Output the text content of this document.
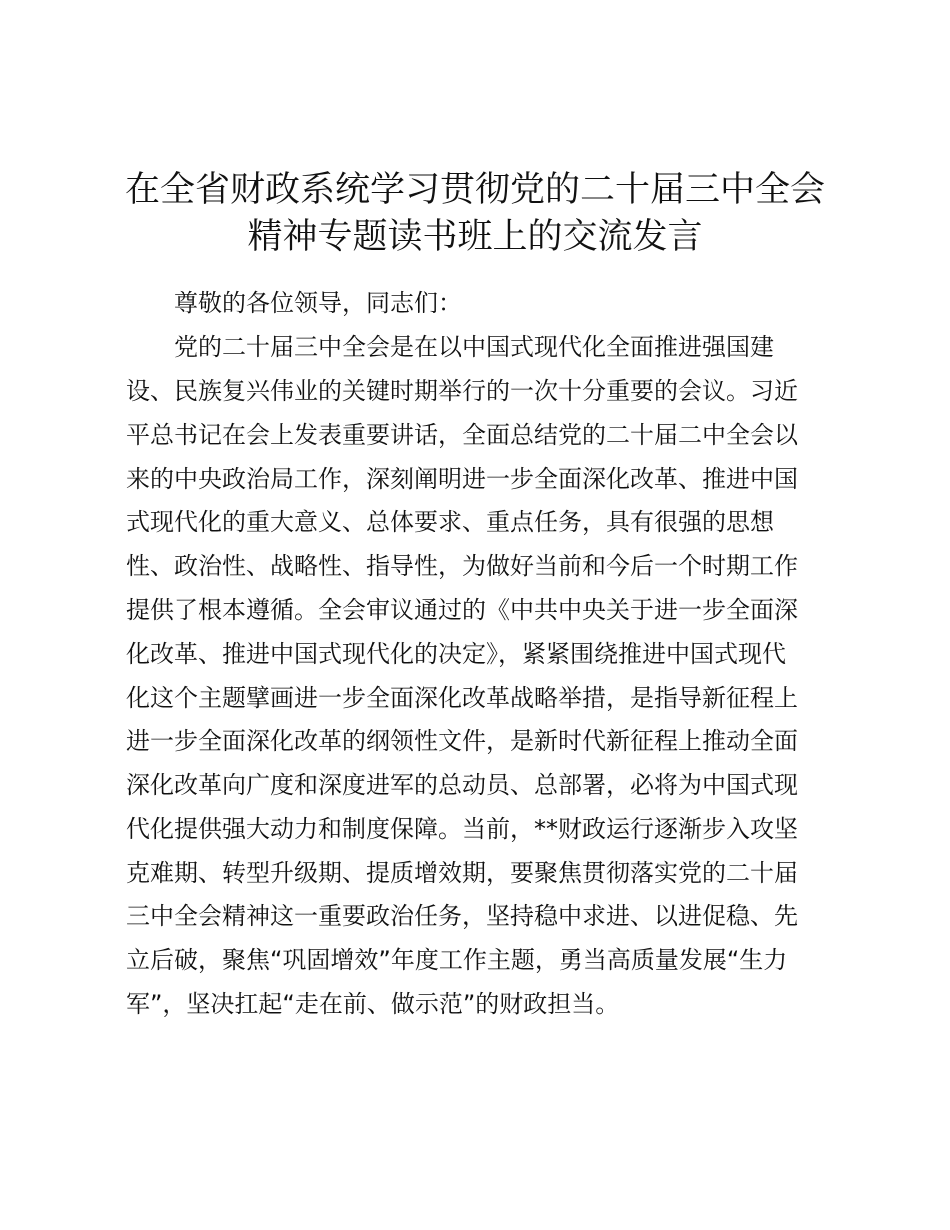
在全省财政系统学习贯彻党的二十届三中全会
精神专题读书班上的交流发言

尊敬的各位领导，同志们：

党的二十届三中全会是在以中国式现代化全面推进强国建

设、民族复兴伟业的关键时期举行的一次十分重要的会议。习近

平总书记在会上发表重要讲话，全面总结党的二十届二中全会以

来的中央政治局工作，深刻阐明进一步全面深化改革、推进中国

式现代化的重大意义、总体要求、重点任务，具有很强的思想

性、政治性、战略性、指导性，为做好当前和今后一个时期工作

提供了根本遵循。全会审议通过的《中共中央关于进一步全面深

化改革、推进中国式现代化的决定》，紧紧围绕推进中国式现代

化这个主题擘画进一步全面深化改革战略举措，是指导新征程上

进一步全面深化改革的纲领性文件，是新时代新征程上推动全面

深化改革向广度和深度进军的总动员、总部署，必将为中国式现

代化提供强大动力和制度保障。当前，**财政运行逐渐步入攻坚

克难期、转型升级期、提质增效期，要聚焦贯彻落实党的二十届

三中全会精神这一重要政治任务，坚持稳中求进、以进促稳、先

立后破，聚焦“巩固增效”年度工作主题，勇当高质量发展“生力

军”，坚决扛起“走在前、做示范”的财政担当。
